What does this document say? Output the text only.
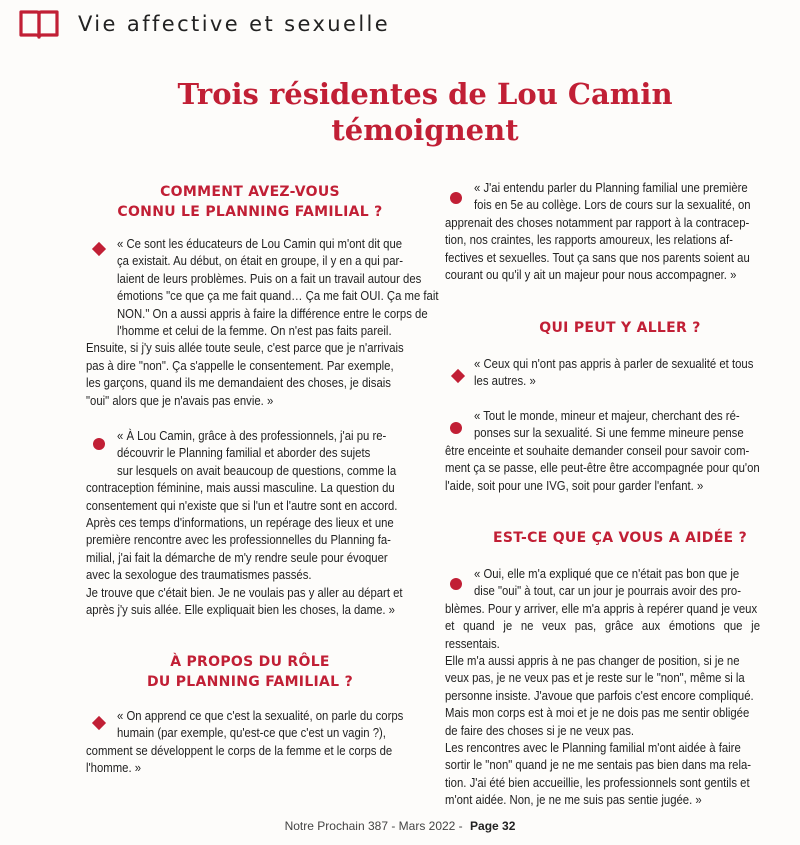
Vie affective et sexuelle
Trois résidentes de Lou Camin
témoignent
COMMENT AVEZ-VOUS
CONNU LE PLANNING FAMILIAL ?
« Ce sont les éducateurs de Lou Camin qui m'ont dit que
ça existait. Au début, on était en groupe, il y en a qui par-
laient de leurs problèmes. Puis on a fait un travail autour des
émotions "ce que ça me fait quand… Ça me fait OUI. Ça me fait
NON." On a aussi appris à faire la différence entre le corps de
l'homme et celui de la femme. On n'est pas faits pareil.
Ensuite, si j'y suis allée toute seule, c'est parce que je n'arrivais
pas à dire "non". Ça s'appelle le consentement. Par exemple,
les garçons, quand ils me demandaient des choses, je disais
"oui" alors que je n'avais pas envie. »
« À Lou Camin, grâce à des professionnels, j'ai pu re-
découvrir le Planning familial et aborder des sujets
sur lesquels on avait beaucoup de questions, comme la
contraception féminine, mais aussi masculine. La question du
consentement qui n'existe que si l'un et l'autre sont en accord.
Après ces temps d'informations, un repérage des lieux et une
première rencontre avec les professionnelles du Planning fa-
milial, j'ai fait la démarche de m'y rendre seule pour évoquer
avec la sexologue des traumatismes passés.
Je trouve que c'était bien. Je ne voulais pas y aller au départ et
après j'y suis allée. Elle expliquait bien les choses, la dame. »
À PROPOS DU RÔLE
DU PLANNING FAMILIAL ?
« On apprend ce que c'est la sexualité, on parle du corps
humain (par exemple, qu'est-ce que c'est un vagin ?),
comment se développent le corps de la femme et le corps de
l'homme. »
« J'ai entendu parler du Planning familial une première
fois en 5e au collège. Lors de cours sur la sexualité, on
apprenait des choses notamment par rapport à la contracep-
tion, nos craintes, les rapports amoureux, les relations af-
fectives et sexuelles. Tout ça sans que nos parents soient au
courant ou qu'il y ait un majeur pour nous accompagner. »
QUI PEUT Y ALLER ?
« Ceux qui n'ont pas appris à parler de sexualité et tous
les autres. »
« Tout le monde, mineur et majeur, cherchant des ré-
ponses sur la sexualité. Si une femme mineure pense
être enceinte et souhaite demander conseil pour savoir com-
ment ça se passe, elle peut-être être accompagnée pour qu'on
l'aide, soit pour une IVG, soit pour garder l'enfant. »
EST-CE QUE ÇA VOUS A AIDÉE ?
« Oui, elle m'a expliqué que ce n'était pas bon que je
dise "oui" à tout, car un jour je pourrais avoir des pro-
blèmes. Pour y arriver, elle m'a appris à repérer quand je veux
et quand je ne veux pas, grâce aux émotions que je ressentais.
Elle m'a aussi appris à ne pas changer de position, si je ne
veux pas, je ne veux pas et je reste sur le "non", même si la
personne insiste. J'avoue que parfois c'est encore compliqué.
Mais mon corps est à moi et je ne dois pas me sentir obligée
de faire des choses si je ne veux pas.
Les rencontres avec le Planning familial m'ont aidée à faire
sortir le "non" quand je ne me sentais pas bien dans ma rela-
tion. J'ai été bien accueillie, les professionnels sont gentils et
m'ont aidée. Non, je ne me suis pas sentie jugée. »
Notre Prochain 387 - Mars 2022 - Page 32
